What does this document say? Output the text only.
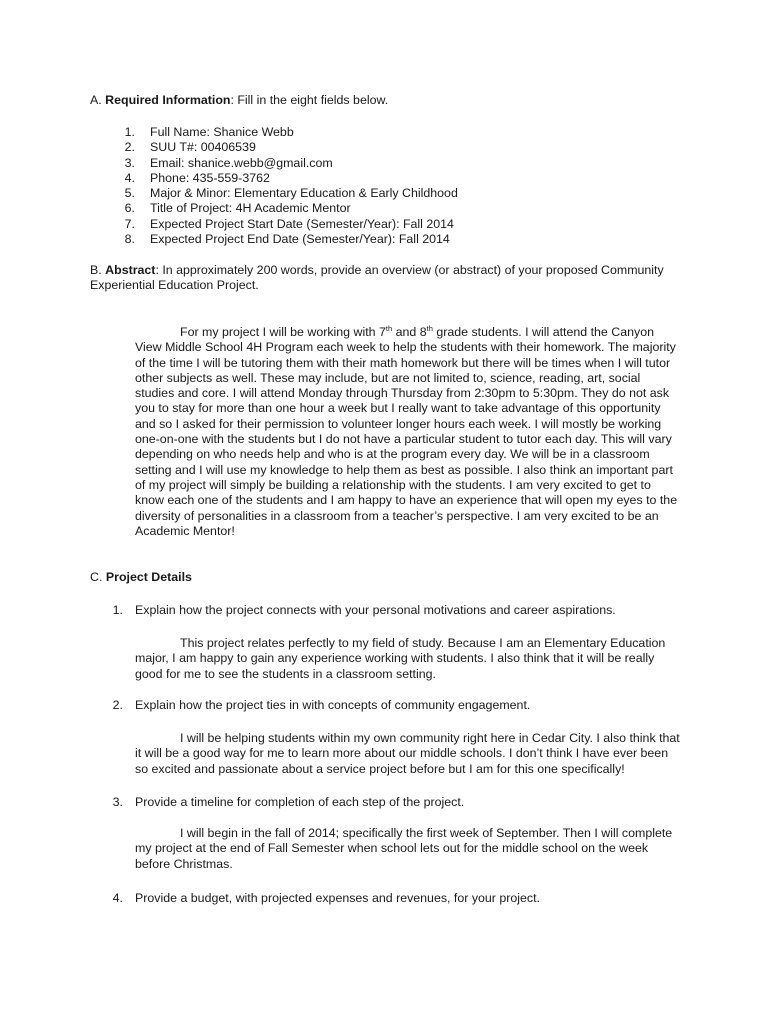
A. Required Information: Fill in the eight fields below.
1. Full Name: Shanice Webb
2. SUU T#: 00406539
3. Email: shanice.webb@gmail.com
4. Phone: 435-559-3762
5. Major & Minor: Elementary Education & Early Childhood
6. Title of Project: 4H Academic Mentor
7. Expected Project Start Date (Semester/Year): Fall 2014
8. Expected Project End Date (Semester/Year): Fall 2014
B. Abstract: In approximately 200 words, provide an overview (or abstract) of your proposed Community Experiential Education Project.
For my project I will be working with 7th and 8th grade students. I will attend the Canyon View Middle School 4H Program each week to help the students with their homework. The majority of the time I will be tutoring them with their math homework but there will be times when I will tutor other subjects as well. These may include, but are not limited to, science, reading, art, social studies and core. I will attend Monday through Thursday from 2:30pm to 5:30pm. They do not ask you to stay for more than one hour a week but I really want to take advantage of this opportunity and so I asked for their permission to volunteer longer hours each week. I will mostly be working one-on-one with the students but I do not have a particular student to tutor each day. This will vary depending on who needs help and who is at the program every day. We will be in a classroom setting and I will use my knowledge to help them as best as possible. I also think an important part of my project will simply be building a relationship with the students. I am very excited to get to know each one of the students and I am happy to have an experience that will open my eyes to the diversity of personalities in a classroom from a teacher’s perspective. I am very excited to be an Academic Mentor!
C. Project Details
1. Explain how the project connects with your personal motivations and career aspirations.
This project relates perfectly to my field of study. Because I am an Elementary Education major, I am happy to gain any experience working with students. I also think that it will be really good for me to see the students in a classroom setting.
2. Explain how the project ties in with concepts of community engagement.
I will be helping students within my own community right here in Cedar City. I also think that it will be a good way for me to learn more about our middle schools. I don’t think I have ever been so excited and passionate about a service project before but I am for this one specifically!
3. Provide a timeline for completion of each step of the project.
I will begin in the fall of 2014; specifically the first week of September. Then I will complete my project at the end of Fall Semester when school lets out for the middle school on the week before Christmas.
4. Provide a budget, with projected expenses and revenues, for your project.
